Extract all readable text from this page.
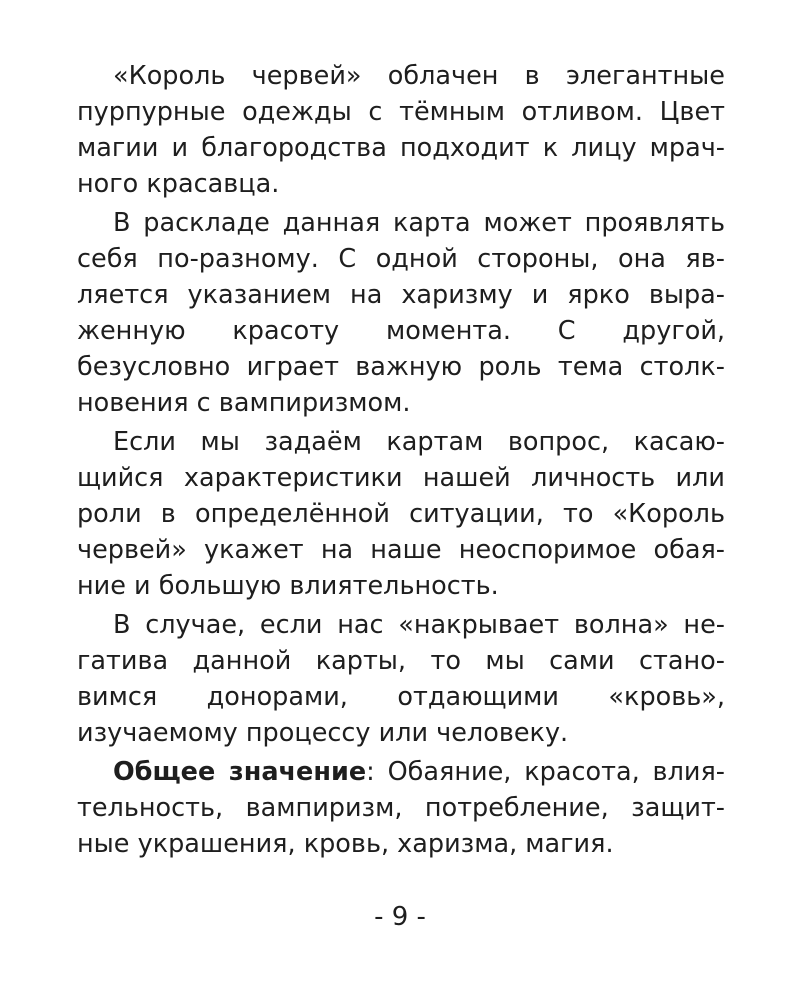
«Король червей» облачен в элегантные
пурпурные одежды с тёмным отливом. Цвет
магии и благородства подходит к лицу мрач-
ного красавца.
В раскладе данная карта может проявлять
себя по-разному. С одной стороны, она яв-
ляется указанием на харизму и ярко выра-
женную красоту момента. С другой,
безусловно играет важную роль тема столк-
новения с вампиризмом.
Если мы задаём картам вопрос, касаю-
щийся характеристики нашей личность или
роли в определённой ситуации, то «Король
червей» укажет на наше неоспоримое обая-
ние и большую влиятельность.
В случае, если нас «накрывает волна» не-
гатива данной карты, то мы сами стано-
вимся донорами, отдающими «кровь»,
изучаемому процессу или человеку.
Общее значение: Обаяние, красота, влия-
тельность, вампиризм, потребление, защит-
ные украшения, кровь, харизма, магия.
- 9 -
